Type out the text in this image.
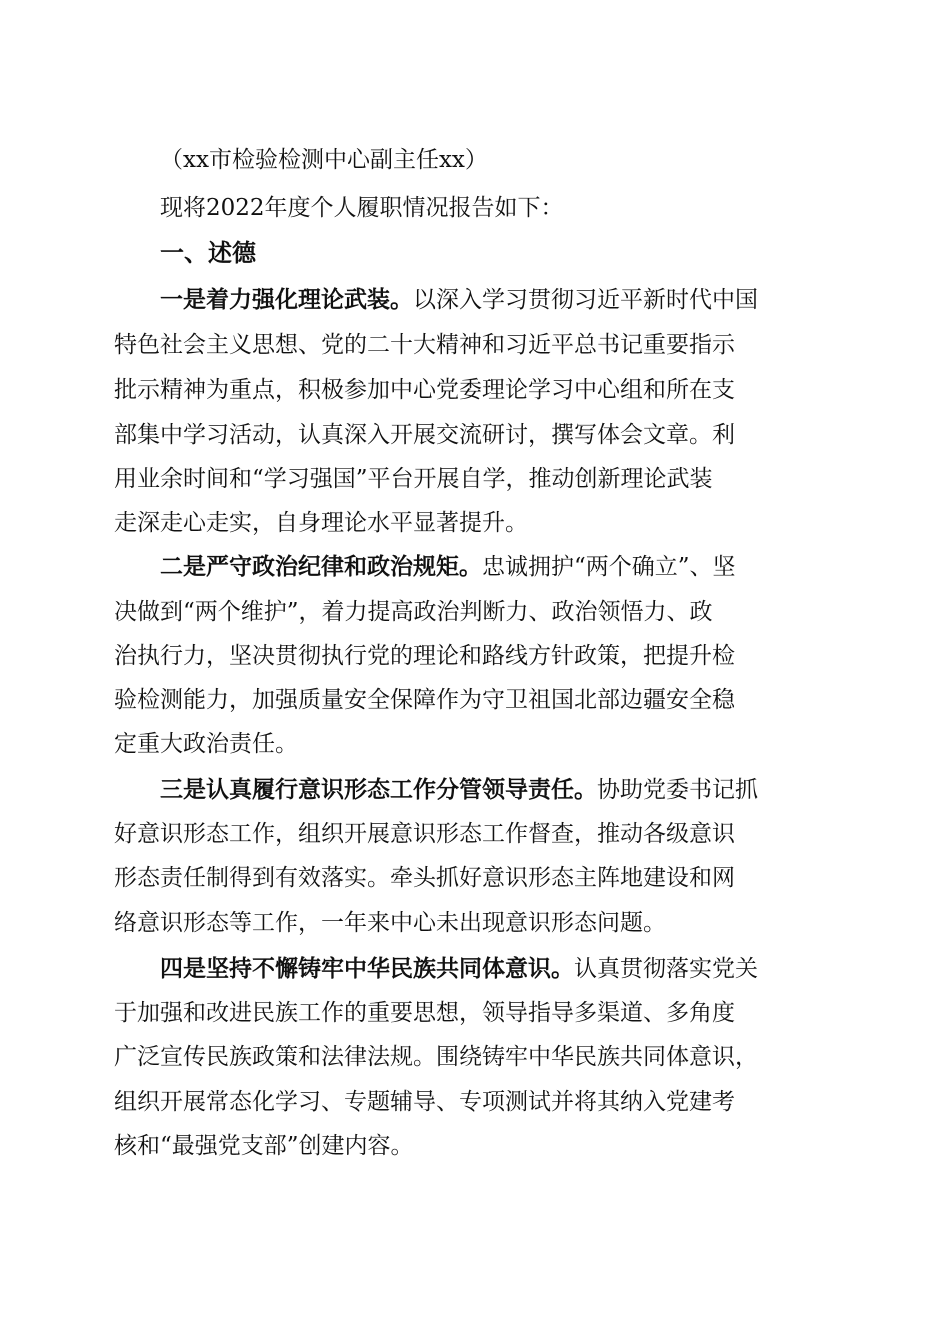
（xx市检验检测中心副主任xx）
现将2022年度个人履职情况报告如下：
一、述德
一是着力强化理论武装。以深入学习贯彻习近平新时代中国
特色社会主义思想、党的二十大精神和习近平总书记重要指示
批示精神为重点，积极参加中心党委理论学习中心组和所在支
部集中学习活动，认真深入开展交流研讨，撰写体会文章。利
用业余时间和“学习强国”平台开展自学，推动创新理论武装
走深走心走实，自身理论水平显著提升。
二是严守政治纪律和政治规矩。忠诚拥护“两个确立”、坚
决做到“两个维护”，着力提高政治判断力、政治领悟力、政
治执行力，坚决贯彻执行党的理论和路线方针政策，把提升检
验检测能力，加强质量安全保障作为守卫祖国北部边疆安全稳
定重大政治责任。
三是认真履行意识形态工作分管领导责任。协助党委书记抓
好意识形态工作，组织开展意识形态工作督查，推动各级意识
形态责任制得到有效落实。牵头抓好意识形态主阵地建设和网
络意识形态等工作，一年来中心未出现意识形态问题。
四是坚持不懈铸牢中华民族共同体意识。认真贯彻落实党关
于加强和改进民族工作的重要思想，领导指导多渠道、多角度
广泛宣传民族政策和法律法规。围绕铸牢中华民族共同体意识，
组织开展常态化学习、专题辅导、专项测试并将其纳入党建考
核和“最强党支部”创建内容。
